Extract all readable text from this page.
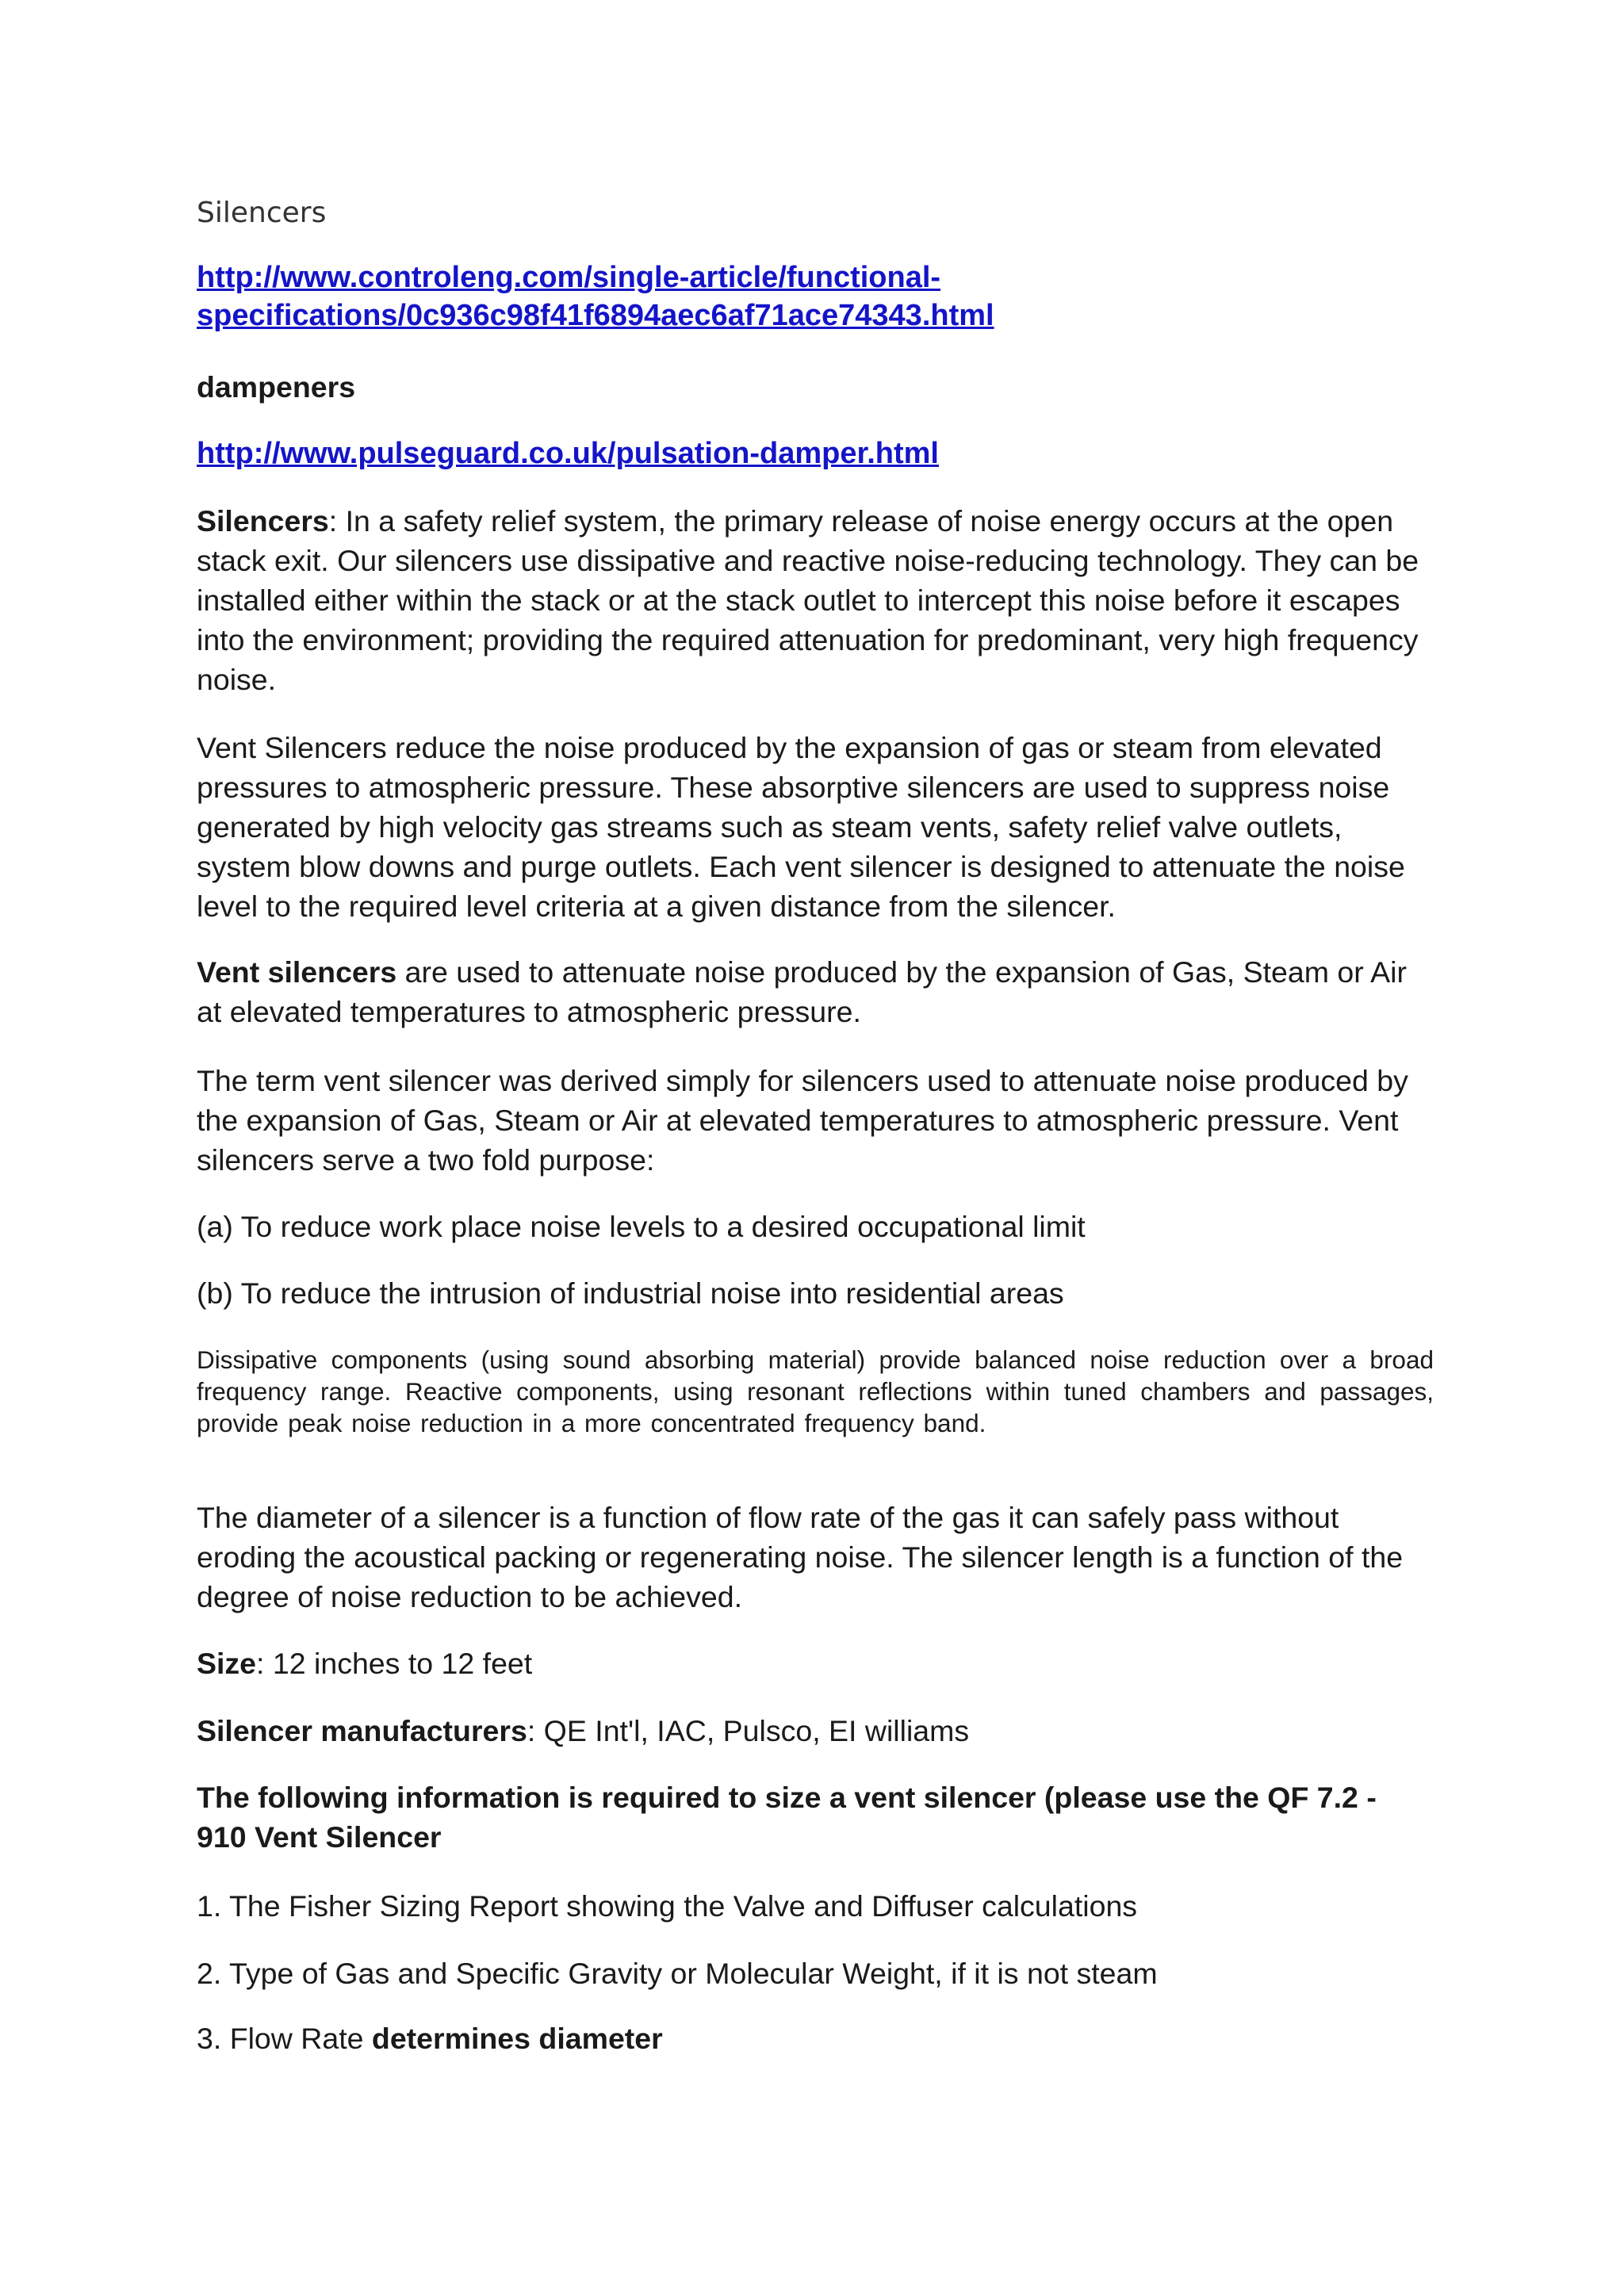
Silencers
http://www.controleng.com/single-article/functional-specifications/0c936c98f41f6894aec6af71ace74343.html
dampeners
http://www.pulseguard.co.uk/pulsation-damper.html

Silencers: In a safety relief system, the primary release of noise energy occurs at the open stack exit. Our silencers use dissipative and reactive noise-reducing technology. They can be installed either within the stack or at the stack outlet to intercept this noise before it escapes into the environment; providing the required attenuation for predominant, very high frequency noise.

Vent Silencers reduce the noise produced by the expansion of gas or steam from elevated pressures to atmospheric pressure. These absorptive silencers are used to suppress noise generated by high velocity gas streams such as steam vents, safety relief valve outlets, system blow downs and purge outlets. Each vent silencer is designed to attenuate the noise level to the required level criteria at a given distance from the silencer.

Vent silencers are used to attenuate noise produced by the expansion of Gas, Steam or Air at elevated temperatures to atmospheric pressure.

The term vent silencer was derived simply for silencers used to attenuate noise produced by the expansion of Gas, Steam or Air at elevated temperatures to atmospheric pressure. Vent silencers serve a two fold purpose:

(a) To reduce work place noise levels to a desired occupational limit

(b) To reduce the intrusion of industrial noise into residential areas

Dissipative components (using sound absorbing material) provide balanced noise reduction over a broad frequency range. Reactive components, using resonant reflections within tuned chambers and passages, provide peak noise reduction in a more concentrated frequency band.

The diameter of a silencer is a function of flow rate of the gas it can safely pass without eroding the acoustical packing or regenerating noise. The silencer length is a function of the degree of noise reduction to be achieved.

Size: 12 inches to 12 feet

Silencer manufacturers: QE Int'l, IAC, Pulsco, EI williams

The following information is required to size a vent silencer (please use the QF 7.2 - 910 Vent Silencer

1. The Fisher Sizing Report showing the Valve and Diffuser calculations

2. Type of Gas and Specific Gravity or Molecular Weight, if it is not steam

3. Flow Rate determines diameter
